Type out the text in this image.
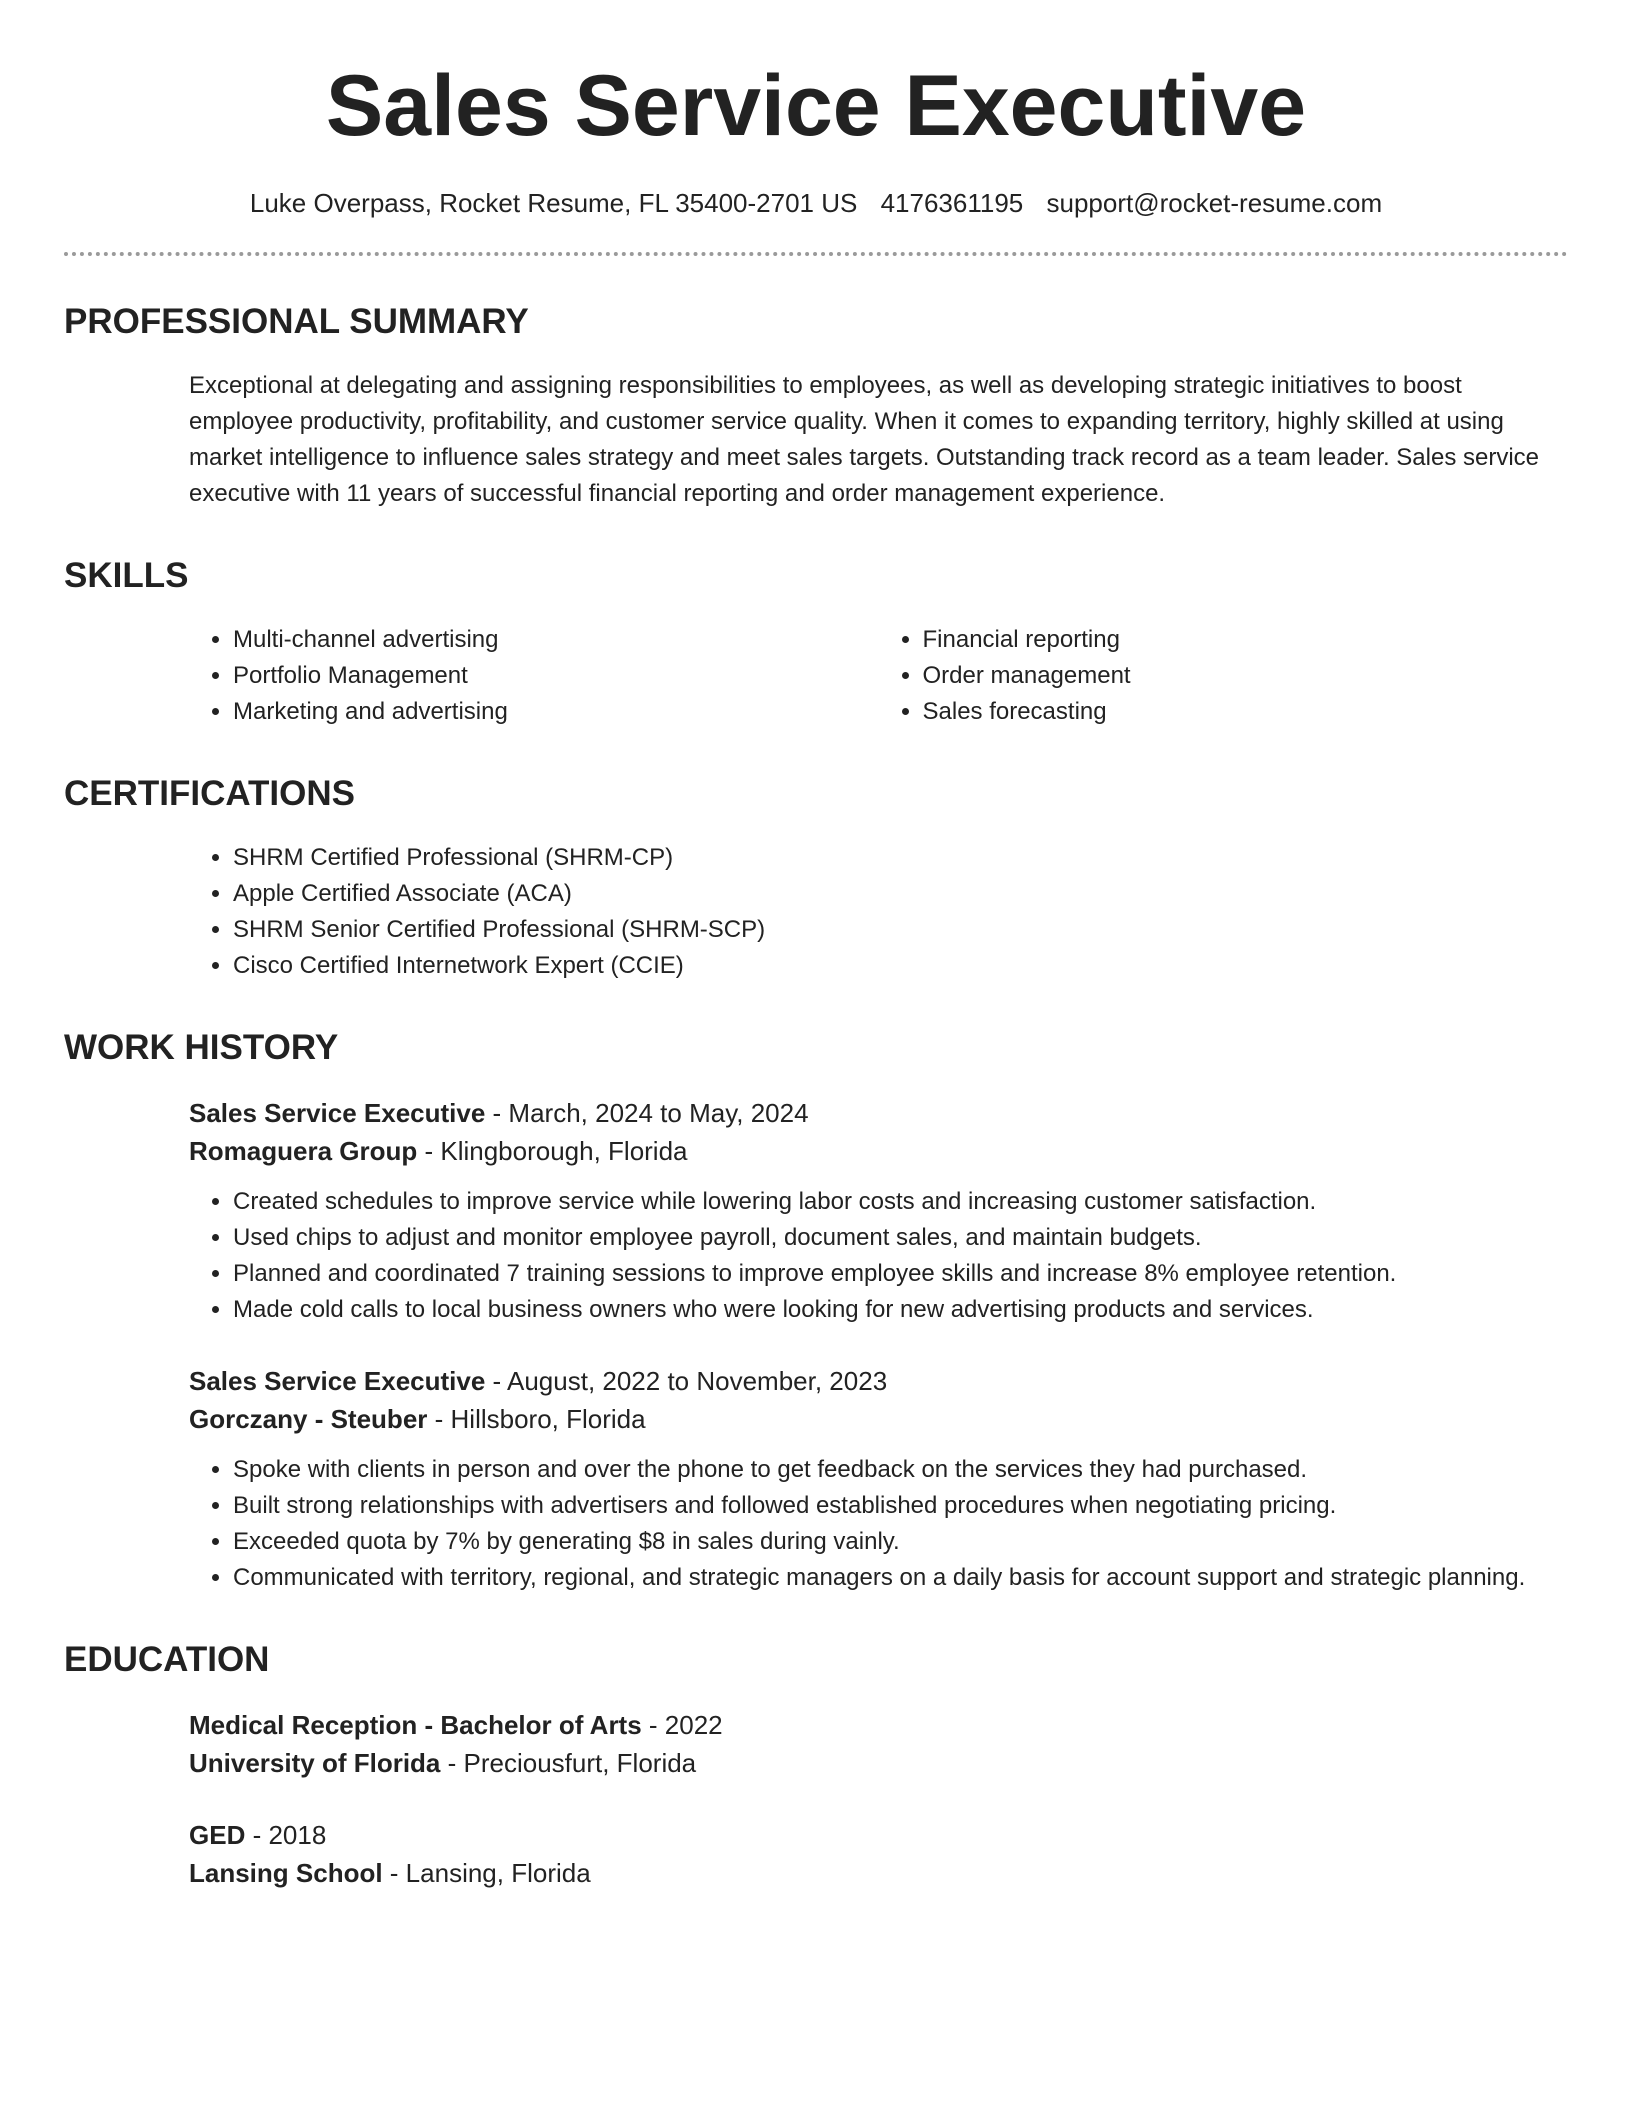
Sales Service Executive
Luke Overpass, Rocket Resume, FL 35400-2701 US 4176361195 support@rocket-resume.com
PROFESSIONAL SUMMARY

Exceptional at delegating and assigning responsibilities to employees, as well as developing strategic initiatives to boost employee productivity, profitability, and customer service quality. When it comes to expanding territory, highly skilled at using market intelligence to influence sales strategy and meet sales targets. Outstanding track record as a team leader. Sales service executive with 11 years of successful financial reporting and order management experience.

SKILLS
• Multi-channel advertising
• Portfolio Management
• Marketing and advertising
• Financial reporting
• Order management
• Sales forecasting
CERTIFICATIONS
• SHRM Certified Professional (SHRM-CP)
• Apple Certified Associate (ACA)
• SHRM Senior Certified Professional (SHRM-SCP)
• Cisco Certified Internetwork Expert (CCIE)
WORK HISTORY
Sales Service Executive - March, 2024 to May, 2024
Romaguera Group - Klingborough, Florida
• Created schedules to improve service while lowering labor costs and increasing customer satisfaction.
• Used chips to adjust and monitor employee payroll, document sales, and maintain budgets.
• Planned and coordinated 7 training sessions to improve employee skills and increase 8% employee retention.
• Made cold calls to local business owners who were looking for new advertising products and services.
Sales Service Executive - August, 2022 to November, 2023
Gorczany - Steuber - Hillsboro, Florida
• Spoke with clients in person and over the phone to get feedback on the services they had purchased.
• Built strong relationships with advertisers and followed established procedures when negotiating pricing.
• Exceeded quota by 7% by generating $8 in sales during vainly.
• Communicated with territory, regional, and strategic managers on a daily basis for account support and strategic planning.
EDUCATION
Medical Reception - Bachelor of Arts - 2022
University of Florida - Preciousfurt, Florida
GED - 2018
Lansing School - Lansing, Florida
